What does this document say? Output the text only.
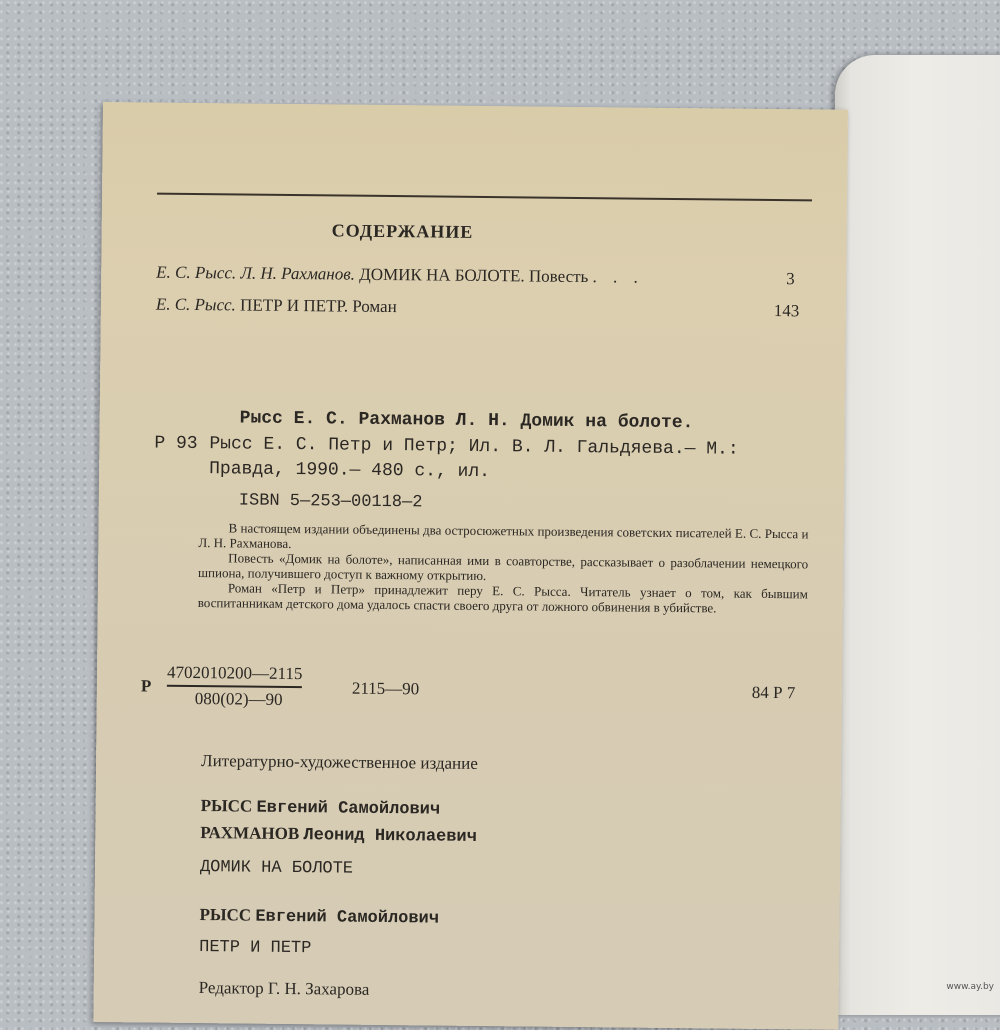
СОДЕРЖАНИЕ
Е. С. Рысс. Л. Н. Рахманов. ДОМИК НА БОЛОТЕ. Повесть . . .	3
Е. С. Рысс. ПЕТР И ПЕТР. Роман	143
Рысс Е. С. Рахманов Л. Н. Домик на болоте.
Р 93 Рысс Е. С. Петр и Петр; Ил. В. Л. Гальдяева.— М.:
Правда, 1990.— 480 с., ил.
ISBN 5—253—00118—2
В настоящем издании объединены два остросюжетных произведения советских писателей Е. С. Рысса и Л. Н. Рахманова.
Повесть «Домик на болоте», написанная ими в соавторстве, рассказывает о разоблачении немецкого шпиона, получившего доступ к важному открытию.
Роман «Петр и Петр» принадлежит перу Е. С. Рысса. Читатель узнает о том, как бывшим воспитанникам детского дома удалось спасти своего друга от ложного обвинения в убийстве.
Р $\frac{4702010200—2115}{080(02)—90}$	2115—90	84 Р 7
Литературно-художественное издание
РЫСС Евгений Самойлович
РАХМАНОВ Леонид Николаевич
ДОМИК НА БОЛОТЕ
РЫСС Евгений Самойлович
ПЕТР И ПЕТР
Редактор Г. Н. Захарова	www.ay.by
